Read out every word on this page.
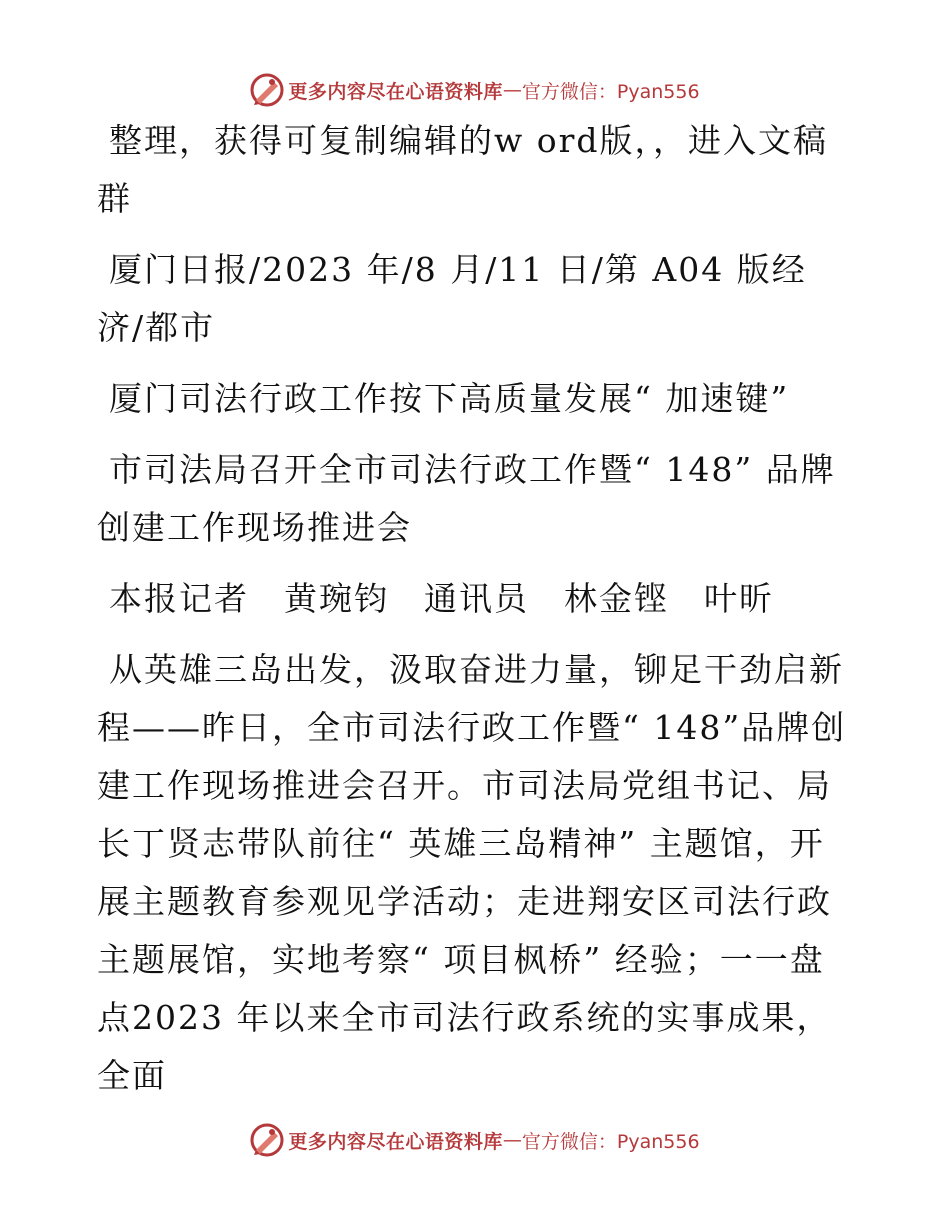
更多内容尽在心语资料库 — 官方微信：Pyan556

整理，获得可复制编辑的w ord版，，进入文稿群

厦门日报/2023 年/8 月/11 日/第 A04 版经济/都市

厦门司法行政工作按下高质量发展“ 加速键”

市司法局召开全市司法行政工作暨“ 148” 品牌创建工作现场推进会

本报记者　黄琬钧　通讯员　林金铿　叶昕

从英雄三岛出发，汲取奋进力量，铆足干劲启新程——昨日，全市司法行政工作暨“ 148”品牌创建工作现场推进会召开。市司法局党组书记、局长丁贤志带队前往“ 英雄三岛精神” 主题馆，开展主题教育参观见学活动；走进翔安区司法行政主题展馆，实地考察“ 项目枫桥” 经验；一一盘点2023 年以来全市司法行政系统的实事成果，全面

更多内容尽在心语资料库 — 官方微信：Pyan556
